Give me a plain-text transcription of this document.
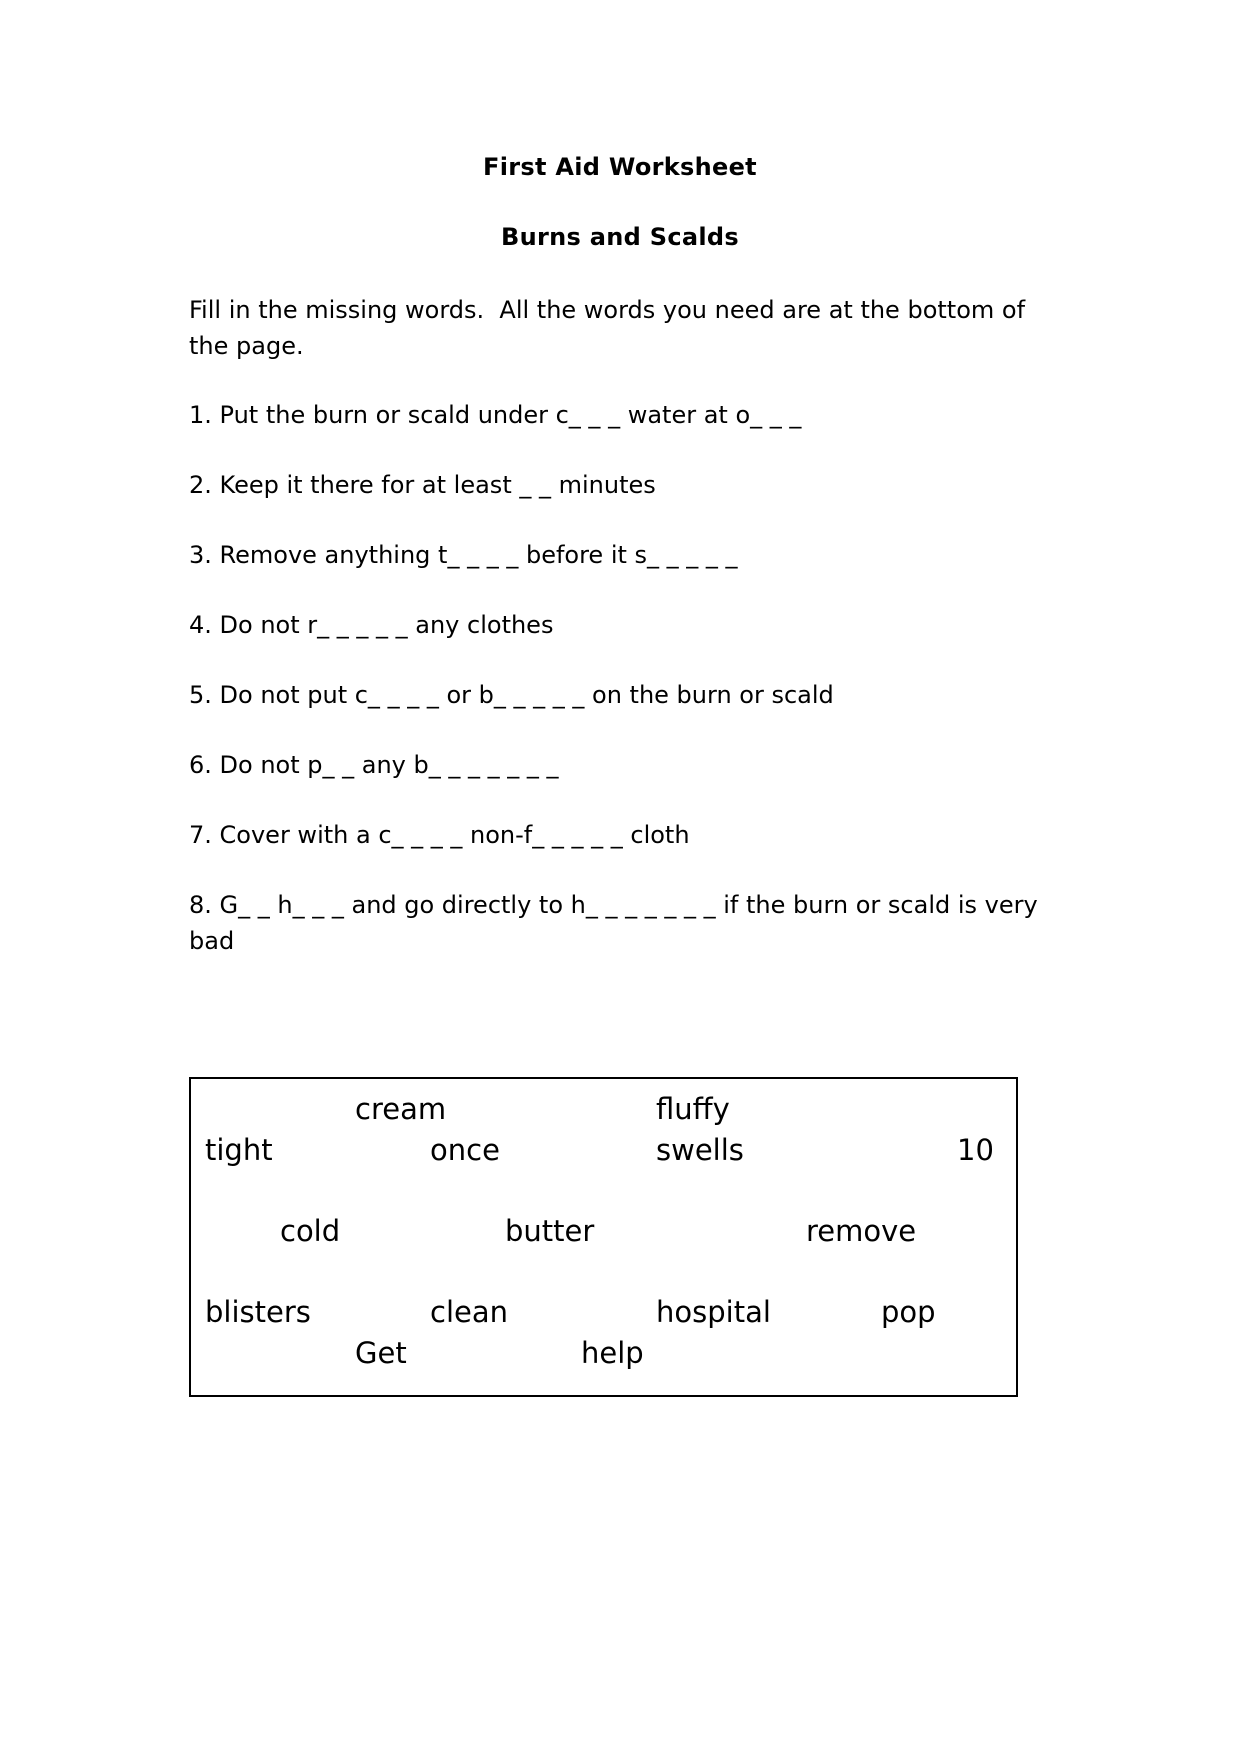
First Aid Worksheet
Burns and Scalds
Fill in the missing words.  All the words you need are at the bottom of the page.
1. Put the burn or scald under c_ _ _ water at o_ _ _
2. Keep it there for at least _ _ minutes
3. Remove anything t_ _ _ _ before it s_ _ _ _ _
4. Do not r_ _ _ _ _ any clothes
5. Do not put c_ _ _ _ or b_ _ _ _ _ on the burn or scald
6. Do not p_ _ any b_ _ _ _ _ _ _
7. Cover with a c_ _ _ _ non-f_ _ _ _ _ cloth
8. G_ _ h_ _ _ and go directly to h_ _ _ _ _ _ _ if the burn or scald is very bad
cream	fluffy
tight	once	swells	10
cold	butter	remove
blisters	clean	hospital	pop
Get	help
